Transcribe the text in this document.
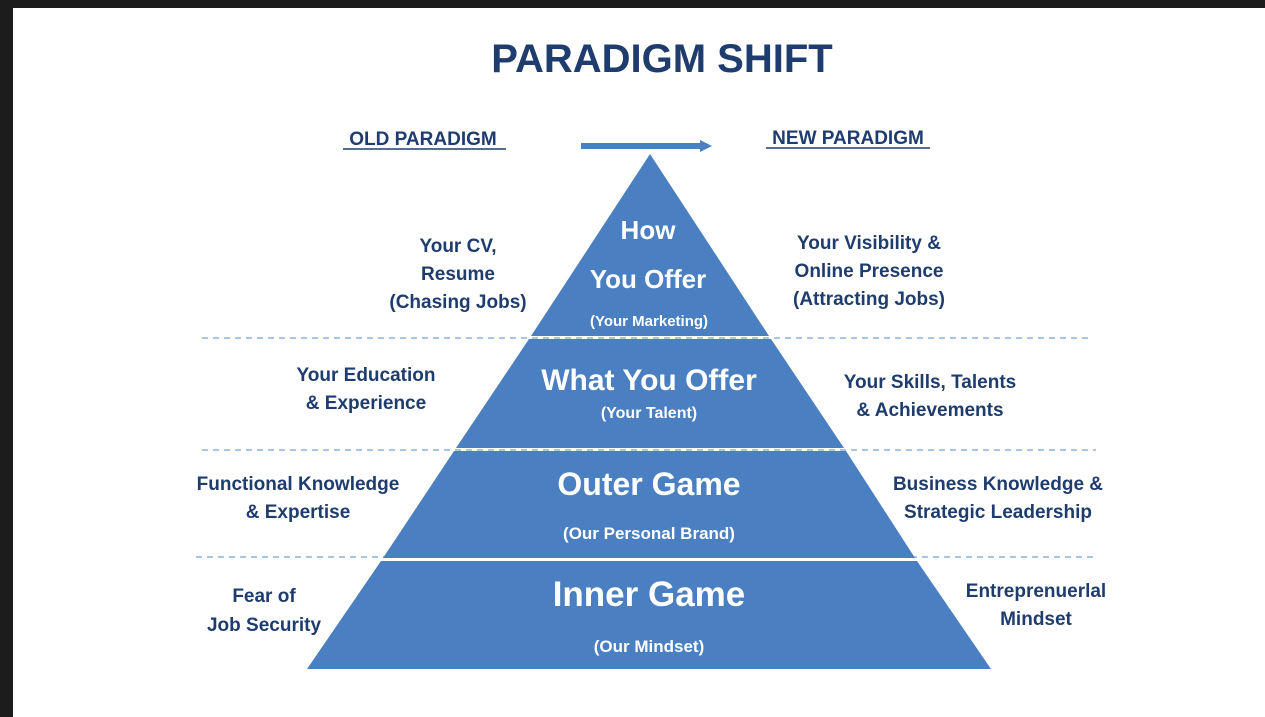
PARADIGM SHIFT
OLD PARADIGM	NEW PARADIGM
How
You Offer
(Your Marketing)
What You Offer
(Your Talent)
Outer Game
(Our Personal Brand)
Inner Game
(Our Mindset)
Your CV,
Resume
(Chasing Jobs)
Your Education
& Experience
Functional Knowledge
& Expertise
Fear of
Job Security
Your Visibility &
Online Presence
(Attracting Jobs)
Your Skills, Talents
& Achievements
Business Knowledge &
Strategic Leadership
Entreprenuerlal
Mindset
